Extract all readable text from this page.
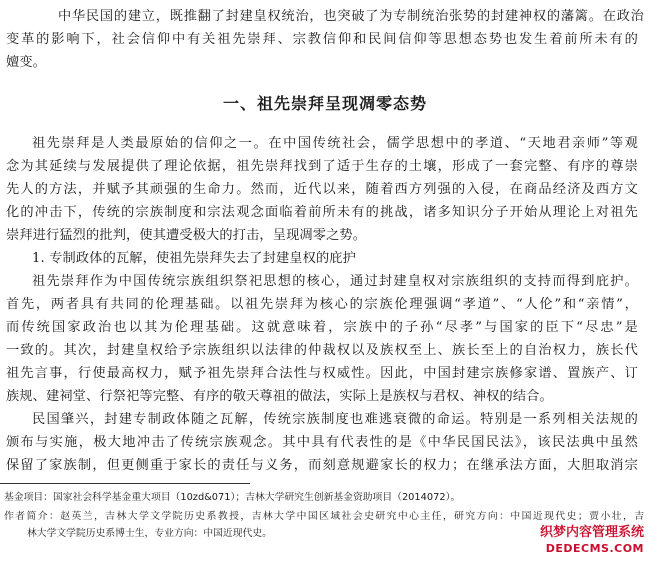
中华民国的建立，既推翻了封建皇权统治，也突破了为专制统治张势的封建神权的藩篱。在政治
变革的影响下，社会信仰中有关祖先崇拜、宗教信仰和民间信仰等思想态势也发生着前所未有的
嬗变。
一、祖先崇拜呈现凋零态势
祖先崇拜是人类最原始的信仰之一。在中国传统社会，儒学思想中的孝道、“天地君亲师”等观
念为其延续与发展提供了理论依据，祖先崇拜找到了适于生存的土壤，形成了一套完整、有序的尊崇
先人的方法，并赋予其顽强的生命力。然而，近代以来，随着西方列强的入侵，在商品经济及西方文
化的冲击下，传统的宗族制度和宗法观念面临着前所未有的挑战，诸多知识分子开始从理论上对祖先
崇拜进行猛烈的批判，使其遭受极大的打击，呈现凋零之势。
1. 专制政体的瓦解，使祖先崇拜失去了封建皇权的庇护
祖先崇拜作为中国传统宗族组织祭祀思想的核心，通过封建皇权对宗族组织的支持而得到庇护。
首先，两者具有共同的伦理基础。以祖先崇拜为核心的宗族伦理强调“孝道”、“人伦”和“亲情”，
而传统国家政治也以其为伦理基础。这就意味着，宗族中的子孙“尽孝”与国家的臣下“尽忠”是
一致的。其次，封建皇权给予宗族组织以法律的仲裁权以及族权至上、族长至上的自治权力，族长代
祖先言事，行使最高权力，赋予祖先崇拜合法性与权威性。因此，中国封建宗族修家谱、置族产、订
族规、建祠堂、行祭祀等完整、有序的敬天尊祖的做法，实际上是族权与君权、神权的结合。
民国肇兴，封建专制政体随之瓦解，传统宗族制度也难逃衰微的命运。特别是一系列相关法规的
颁布与实施，极大地冲击了传统宗族观念。其中具有代表性的是《中华民国民法》，该民法典中虽然
保留了家族制，但更侧重于家长的责任与义务，而刻意规避家长的权力；在继承法方面，大胆取消宗
基金项目：国家社会科学基金重大项目（10zd&071）；吉林大学研究生创新基金资助项目（2014072）。
作者简介：赵英兰，吉林大学文学院历史系教授，吉林大学中国区域社会史研究中心主任，研究方向：中国近现代史；贾小壮，吉
林大学文学院历史系博士生，专业方向：中国近现代史。	织梦内容管理系统
DEDECMS.COM
